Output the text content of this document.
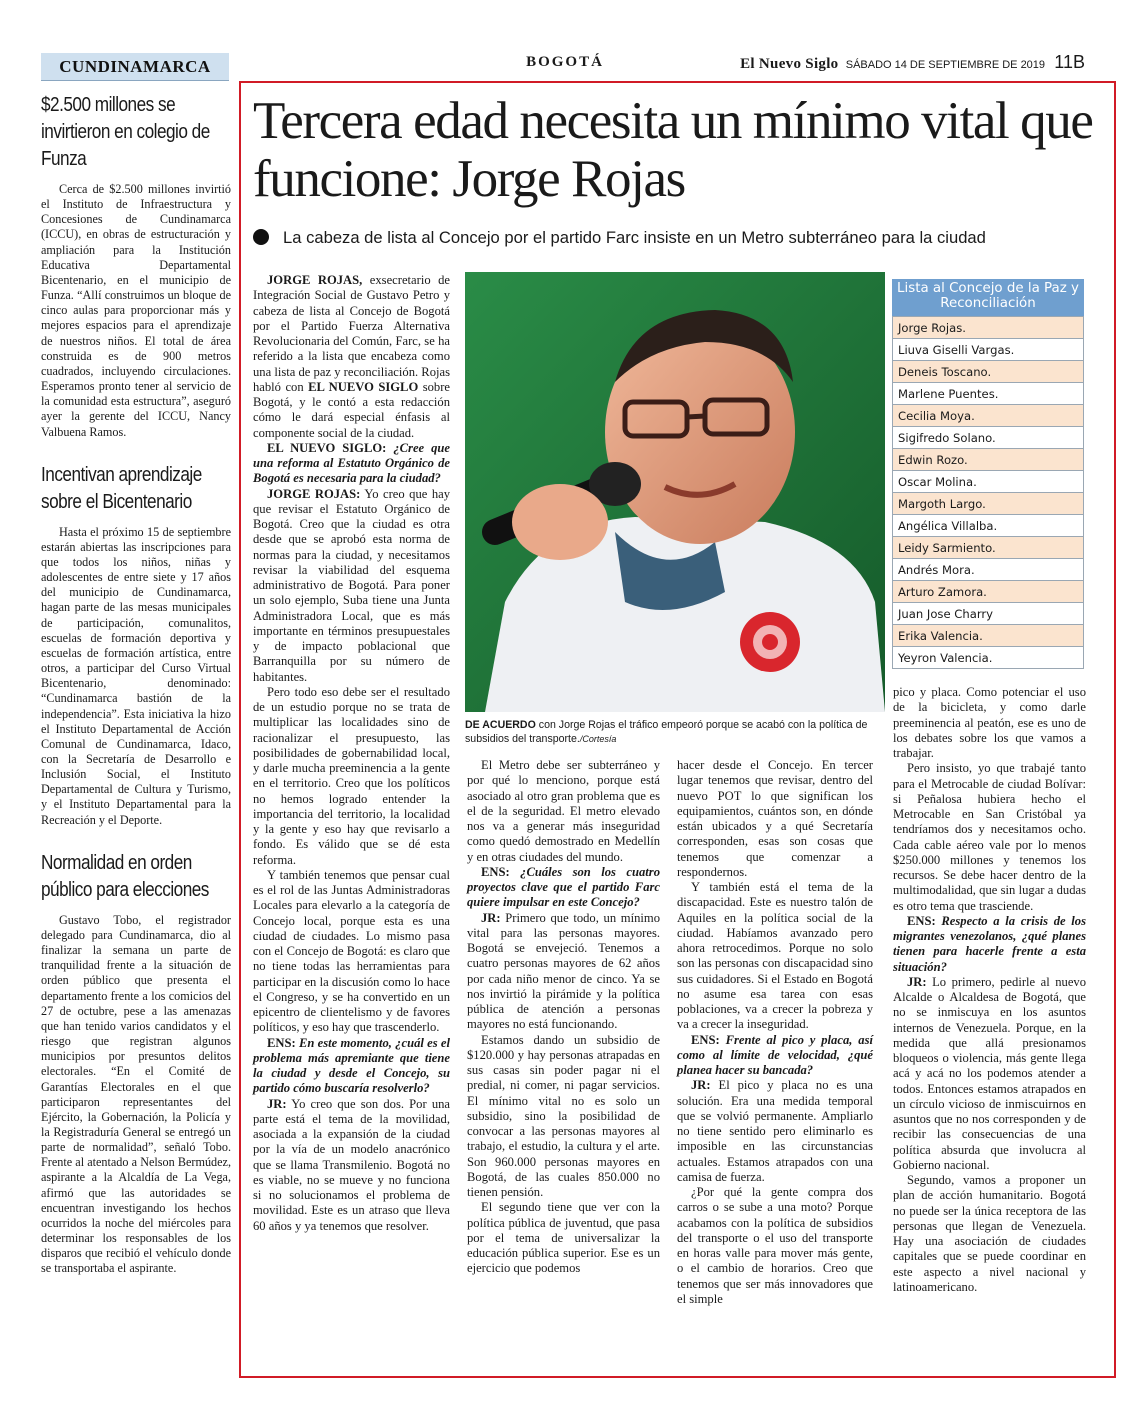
CUNDINAMARCA	BOGOTÁ	El Nuevo Siglo SÁBADO 14 DE SEPTIEMBRE DE 2019 11B
$2.500 millones se invirtieron en colegio de Funza

Cerca de $2.500 millones invirtió el Instituto de Infraestructura y Concesiones de Cundinamarca (ICCU), en obras de estructuración y ampliación para la Institución Educativa Departamental Bicentenario, en el municipio de Funza. “Allí construimos un bloque de cinco aulas para proporcionar más y mejores espacios para el aprendizaje de nuestros niños. El total de área construida es de 900 metros cuadrados, incluyendo circulaciones. Esperamos pronto tener al servicio de la comunidad esta estructura”, aseguró ayer la gerente del ICCU, Nancy Valbuena Ramos.

Incentivan aprendizaje sobre el Bicentenario

Hasta el próximo 15 de septiembre estarán abiertas las inscripciones para que todos los niños, niñas y adolescentes de entre siete y 17 años del municipio de Cundinamarca, hagan parte de las mesas municipales de participación, comunalitos, escuelas de formación deportiva y escuelas de formación artística, entre otros, a participar del Curso Virtual Bicentenario, denominado: “Cundinamarca bastión de la independencia”. Esta iniciativa la hizo el Instituto Departamental de Acción Comunal de Cundinamarca, Idaco, con la Secretaría de Desarrollo e Inclusión Social, el Instituto Departamental de Cultura y Turismo, y el Instituto Departamental para la Recreación y el Deporte.

Normalidad en orden público para elecciones

Gustavo Tobo, el registrador delegado para Cundinamarca, dio al finalizar la semana un parte de tranquilidad frente a la situación de orden público que presenta el departamento frente a los comicios del 27 de octubre, pese a las amenazas que han tenido varios candidatos y el riesgo que registran algunos municipios por presuntos delitos electorales. “En el Comité de Garantías Electorales en el que participaron representantes del Ejército, la Gobernación, la Policía y la Registraduría General se entregó un parte de normalidad”, señaló Tobo. Frente al atentado a Nelson Bermúdez, aspirante a la Alcaldía de La Vega, afirmó que las autoridades se encuentran investigando los hechos ocurridos la noche del miércoles para determinar los responsables de los disparos que recibió el vehículo donde se transportaba el aspirante.

Tercera edad necesita un mínimo vital que funcione: Jorge Rojas
La cabeza de lista al Concejo por el partido Farc insiste en un Metro subterráneo para la ciudad

JORGE ROJAS, exsecretario de Integración Social de Gustavo Petro y cabeza de lista al Concejo de Bogotá por el Partido Fuerza Alternativa Revolucionaria del Común, Farc, se ha referido a la lista que encabeza como una lista de paz y reconciliación. Rojas habló con EL NUEVO SIGLO sobre Bogotá, y le contó a esta redacción cómo le dará especial énfasis al componente social de la ciudad.

EL NUEVO SIGLO: ¿Cree que una reforma al Estatuto Orgánico de Bogotá es necesaria para la ciudad?

JORGE ROJAS: Yo creo que hay que revisar el Estatuto Orgánico de Bogotá. Creo que la ciudad es otra desde que se aprobó esta norma de normas para la ciudad, y necesitamos revisar la viabilidad del esquema administrativo de Bogotá. Para poner un solo ejemplo, Suba tiene una Junta Administradora Local, que es más importante en términos presupuestales y de impacto poblacional que Barranquilla por su número de habitantes.

Pero todo eso debe ser el resultado de un estudio porque no se trata de multiplicar las localidades sino de racionalizar el presupuesto, las posibilidades de gobernabilidad local, y darle mucha preeminencia a la gente en el territorio. Creo que los políticos no hemos logrado entender la importancia del territorio, la localidad y la gente y eso hay que revisarlo a fondo. Es válido que se dé esta reforma.

Y también tenemos que pensar cual es el rol de las Juntas Administradoras Locales para elevarlo a la categoría de Concejo local, porque esta es una ciudad de ciudades. Lo mismo pasa con el Concejo de Bogotá: es claro que no tiene todas las herramientas para participar en la discusión como lo hace el Congreso, y se ha convertido en un epicentro de clientelismo y de favores políticos, y eso hay que trascenderlo.

ENS: En este momento, ¿cuál es el problema más apremiante que tiene la ciudad y desde el Concejo, su partido cómo buscaría resolverlo?

JR: Yo creo que son dos. Por una parte está el tema de la movilidad, asociada a la expansión de la ciudad por la vía de un modelo anacrónico que se llama Transmilenio. Bogotá no es viable, no se mueve y no funciona si no solucionamos el problema de movilidad. Este es un atraso que lleva 60 años y ya tenemos que resolver.

DE ACUERDO con Jorge Rojas el tráfico empeoró porque se acabó con la política de subsidios del transporte./Cortesía

El Metro debe ser subterráneo y por qué lo menciono, porque está asociado al otro gran problema que es el de la seguridad. El metro elevado nos va a generar más inseguridad como quedó demostrado en Medellín y en otras ciudades del mundo.

ENS: ¿Cuáles son los cuatro proyectos clave que el partido Farc quiere impulsar en este Concejo?

JR: Primero que todo, un mínimo vital para las personas mayores. Bogotá se envejeció. Tenemos a cuatro personas mayores de 62 años por cada niño menor de cinco. Ya se nos invirtió la pirámide y la política pública de atención a personas mayores no está funcionando.

Estamos dando un subsidio de $120.000 y hay personas atrapadas en sus casas sin poder pagar ni el predial, ni comer, ni pagar servicios. El mínimo vital no es solo un subsidio, sino la posibilidad de convocar a las personas mayores al trabajo, el estudio, la cultura y el arte. Son 960.000 personas mayores en Bogotá, de las cuales 850.000 no tienen pensión.

El segundo tiene que ver con la política pública de juventud, que pasa por el tema de universalizar la educación pública superior. Ese es un ejercicio que podemos

hacer desde el Concejo. En tercer lugar tenemos que revisar, dentro del nuevo POT lo que significan los equipamientos, cuántos son, en dónde están ubicados y a qué Secretaría corresponden, esas son cosas que tenemos que comenzar a respondernos.

Y también está el tema de la discapacidad. Este es nuestro talón de Aquiles en la política social de la ciudad. Habíamos avanzado pero ahora retrocedimos. Porque no solo son las personas con discapacidad sino sus cuidadores. Si el Estado en Bogotá no asume esa tarea con esas poblaciones, va a crecer la pobreza y va a crecer la inseguridad.

ENS: Frente al pico y placa, así como al límite de velocidad, ¿qué planea hacer su bancada?

JR: El pico y placa no es una solución. Era una medida temporal que se volvió permanente. Ampliarlo no tiene sentido pero eliminarlo es imposible en las circunstancias actuales. Estamos atrapados con una camisa de fuerza.

¿Por qué la gente compra dos carros o se sube a una moto? Porque acabamos con la política de subsidios del transporte o el uso del transporte en horas valle para mover más gente, o el cambio de horarios. Creo que tenemos que ser más innovadores que el simple

Lista al Concejo de la Paz y Reconciliación
Jorge Rojas.
Liuva Giselli Vargas.
Deneis Toscano.
Marlene Puentes.
Cecilia Moya.
Sigifredo Solano.
Edwin Rozo.
Oscar Molina.
Margoth Largo.
Angélica Villalba.
Leidy Sarmiento.
Andrés Mora.
Arturo Zamora.
Juan Jose Charry
Erika Valencia.
Yeyron Valencia.

pico y placa. Como potenciar el uso de la bicicleta, y como darle preeminencia al peatón, ese es uno de los debates sobre los que vamos a trabajar.

Pero insisto, yo que trabajé tanto para el Metrocable de ciudad Bolívar: si Peñalosa hubiera hecho el Metrocable en San Cristóbal ya tendríamos dos y necesitamos ocho. Cada cable aéreo vale por lo menos $250.000 millones y tenemos los recursos. Se debe hacer dentro de la multimodalidad, que sin lugar a dudas es otro tema que trasciende.

ENS: Respecto a la crisis de los migrantes venezolanos, ¿qué planes tienen para hacerle frente a esta situación?

JR: Lo primero, pedirle al nuevo Alcalde o Alcaldesa de Bogotá, que no se inmiscuya en los asuntos internos de Venezuela. Porque, en la medida que allá presionamos bloqueos o violencia, más gente llega acá y acá no los podemos atender a todos. Entonces estamos atrapados en un círculo vicioso de inmiscuirnos en asuntos que no nos corresponden y de recibir las consecuencias de una política absurda que involucra al Gobierno nacional.

Segundo, vamos a proponer un plan de acción humanitario. Bogotá no puede ser la única receptora de las personas que llegan de Venezuela. Hay una asociación de ciudades capitales que se puede coordinar en este aspecto a nivel nacional y latinoamericano.
